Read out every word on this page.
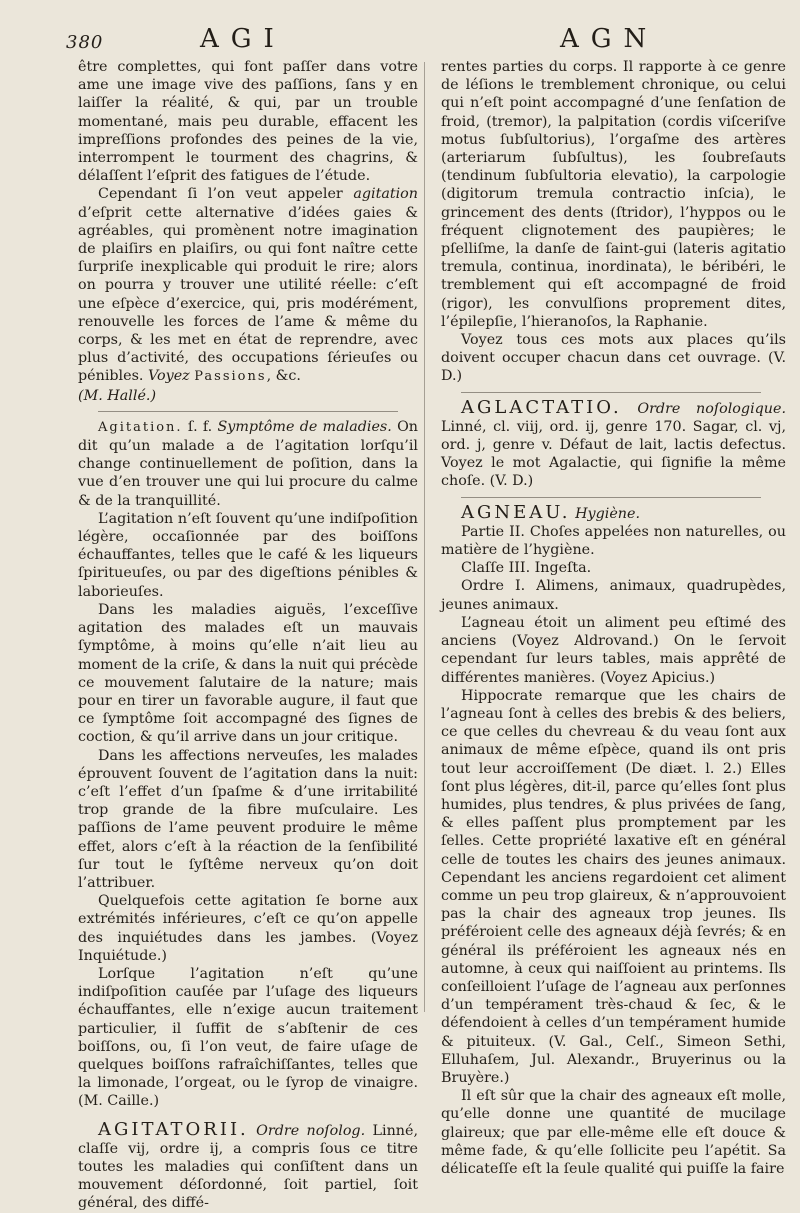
380	AGI	AGN

être complettes, qui font paſſer dans votre ame une image vive des paſſions, ſans y en laiſſer la réalité, & qui, par un trouble momentané, mais peu durable, effacent les impreſſions profondes des peines de la vie, interrompent le tourment des chagrins, & délaſſent l’eſprit des fatigues de l’étude.

Cependant ſi l’on veut appeler agitation d’eſprit cette alternative d’idées gaies & agréables, qui promènent notre imagination de plaiſirs en plaiſirs, ou qui font naître cette ſurpriſe inexplicable qui produit le rire; alors on pourra y trouver une utilité réelle: c’eſt une eſpèce d’exercice, qui, pris modérément, renouvelle les forces de l’ame & même du corps, & les met en état de reprendre, avec plus d’activité, des occupations ſérieuſes ou pénibles. Voyez Passions, &c.

(M. Hallé.)

Agitation. ſ. f. Symptôme de maladies. On dit qu’un malade a de l’agitation lorſqu’il change continuellement de poſition, dans la vue d’en trouver une qui lui procure du calme & de la tranquillité.

L’agitation n’eſt ſouvent qu’une indiſpoſition légère, occaſionnée par des boiſſons échauffantes, telles que le café & les liqueurs ſpiritueuſes, ou par des digeſtions pénibles & laborieuſes.

Dans les maladies aiguës, l’exceſſive agitation des malades eſt un mauvais ſymptôme, à moins qu’elle n’ait lieu au moment de la criſe, & dans la nuit qui précède ce mouvement ſalutaire de la nature; mais pour en tirer un favorable augure, il faut que ce ſymptôme ſoit accompagné des ſignes de coction, & qu’il arrive dans un jour critique.

Dans les affections nerveuſes, les malades éprouvent ſouvent de l’agitation dans la nuit: c’eſt l’effet d’un ſpaſme & d’une irritabilité trop grande de la fibre muſculaire. Les paſſions de l’ame peuvent produire le même effet, alors c’eſt à la réaction de la ſenſibilité ſur tout le ſyſtême nerveux qu’on doit l’attribuer.

Quelquefois cette agitation ſe borne aux extrémités inférieures, c’eſt ce qu’on appelle des inquiétudes dans les jambes. (Voyez Inquiétude.)

Lorſque l’agitation n’eſt qu’une indiſpoſition cauſée par l’uſage des liqueurs échauffantes, elle n’exige aucun traitement particulier, il ſuffit de s’abſtenir de ces boiſſons, ou, ſi l’on veut, de faire uſage de quelques boiſſons rafraîchiſſantes, telles que la limonade, l’orgeat, ou le ſyrop de vinaigre. (M. Caille.)

AGITATORII. Ordre noſolog. Linné, claſſe vij, ordre ij, a compris ſous ce titre toutes les maladies qui conſiſtent dans un mouvement déſordonné, ſoit partiel, ſoit général, des diffé-

rentes parties du corps. Il rapporte à ce genre de léſions le tremblement chronique, ou celui qui n’eſt point accompagné d’une ſenſation de froid, (tremor), la palpitation (cordis viſceriſve motus ſubſultorius), l’orgaſme des artères (arteriarum ſubſultus), les ſoubreſauts (tendinum ſubſultoria elevatio), la carpologie (digitorum tremula contractio inſcia), le grincement des dents (ſtridor), l’hyppos ou le fréquent clignotement des paupières; le pſelliſme, la danſe de ſaint-gui (lateris agitatio tremula, continua, inordinata), le béribéri, le tremblement qui eſt accompagné de froid (rigor), les convulſions proprement dites, l’épilepſie, l’hieranoſos, la Raphanie.

Voyez tous ces mots aux places qu’ils doivent occuper chacun dans cet ouvrage. (V. D.)

AGLACTATIO. Ordre noſologique. Linné, cl. viij, ord. ij, genre 170. Sagar, cl. vj, ord. j, genre v. Défaut de lait, lactis defectus. Voyez le mot Agalactie, qui ſignifie la même choſe. (V. D.)

AGNEAU. Hygiène.

Partie II. Choſes appelées non naturelles, ou matière de l’hygiène.

Claſſe III. Ingeſta.

Ordre I. Alimens, animaux, quadrupèdes, jeunes animaux.

L’agneau étoit un aliment peu eſtimé des anciens (Voyez Aldrovand.) On le ſervoit cependant ſur leurs tables, mais apprêté de différentes manières. (Voyez Apicius.)

Hippocrate remarque que les chairs de l’agneau ſont à celles des brebis & des beliers, ce que celles du chevreau & du veau ſont aux animaux de même eſpèce, quand ils ont pris tout leur accroiſſement (De diæt. l. 2.) Elles ſont plus légères, dit-il, parce qu’elles ſont plus humides, plus tendres, & plus privées de ſang, & elles paſſent plus promptement par les ſelles. Cette propriété laxative eſt en général celle de toutes les chairs des jeunes animaux. Cependant les anciens regardoient cet aliment comme un peu trop glaireux, & n’approuvoient pas la chair des agneaux trop jeunes. Ils préféroient celle des agneaux déjà ſevrés; & en général ils préféroient les agneaux nés en automne, à ceux qui naiſſoient au printems. Ils conſeilloient l’uſage de l’agneau aux perſonnes d’un tempérament très-chaud & ſec, & le défendoient à celles d’un tempérament humide & pituiteux. (V. Gal., Celſ., Simeon Sethi, Elluhaſem, Jul. Alexandr., Bruyerinus ou la Bruyère.)

Il eſt sûr que la chair des agneaux eſt molle, qu’elle donne une quantité de mucilage glaireux; que par elle-même elle eſt douce & même fade, & qu’elle ſollicite peu l’apétit. Sa délicateſſe eſt la ſeule qualité qui puiſſe la faire
